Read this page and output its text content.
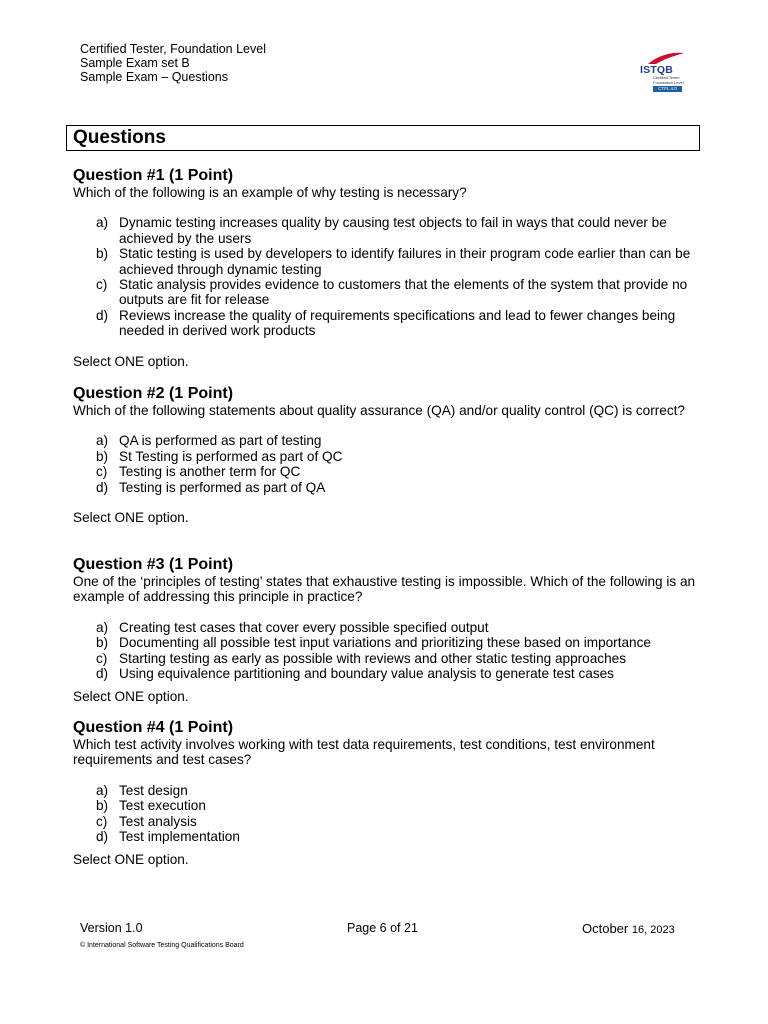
Certified Tester, Foundation Level
Sample Exam set B
Sample Exam – Questions	ISTQB
Certified Tester Foundation Level
CTFL 4.0
Questions
Question #1 (1 Point)
Which of the following is an example of why testing is necessary?
a) Dynamic testing increases quality by causing test objects to fail in ways that could never be achieved by the users
b) Static testing is used by developers to identify failures in their program code earlier than can be achieved through dynamic testing
c) Static analysis provides evidence to customers that the elements of the system that provide no outputs are fit for release
d) Reviews increase the quality of requirements specifications and lead to fewer changes being needed in derived work products
Select ONE option.
Question #2 (1 Point)
Which of the following statements about quality assurance (QA) and/or quality control (QC) is correct?
a) QA is performed as part of testing
b) St Testing is performed as part of QC
c) Testing is another term for QC
d) Testing is performed as part of QA
Select ONE option.
Question #3 (1 Point)
One of the ‘principles of testing’ states that exhaustive testing is impossible. Which of the following is an example of addressing this principle in practice?
a) Creating test cases that cover every possible specified output
b) Documenting all possible test input variations and prioritizing these based on importance
c) Starting testing as early as possible with reviews and other static testing approaches
d) Using equivalence partitioning and boundary value analysis to generate test cases
Select ONE option.
Question #4 (1 Point)
Which test activity involves working with test data requirements, test conditions, test environment requirements and test cases?
a) Test design
b) Test execution
c) Test analysis
d) Test implementation
Select ONE option.
Version 1.0	Page 6 of 21	October 16, 2023
© International Software Testing Qualifications Board
